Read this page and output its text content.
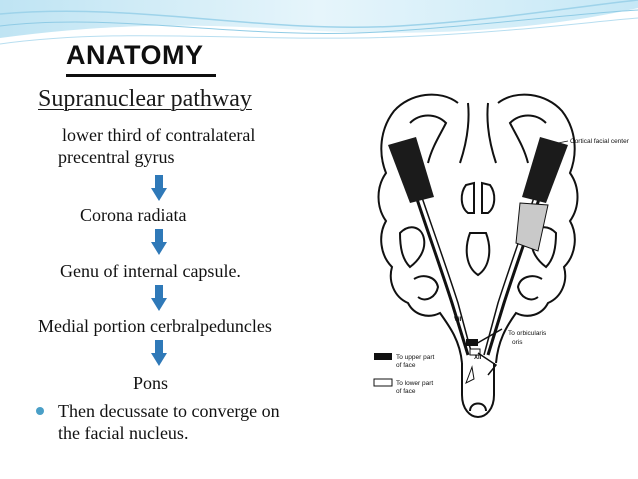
ANATOMY
Supranuclear pathway
lower third of contralateral
precentral gyrus
Corona radiata
Genu of internal capsule.
Medial portion cerbralpeduncles
Pons
Then decussate to converge on
the facial nucleus.
Cortical facial center
VII
XII
To orbicularis
oris
To upper part
of face
To lower part
of face
